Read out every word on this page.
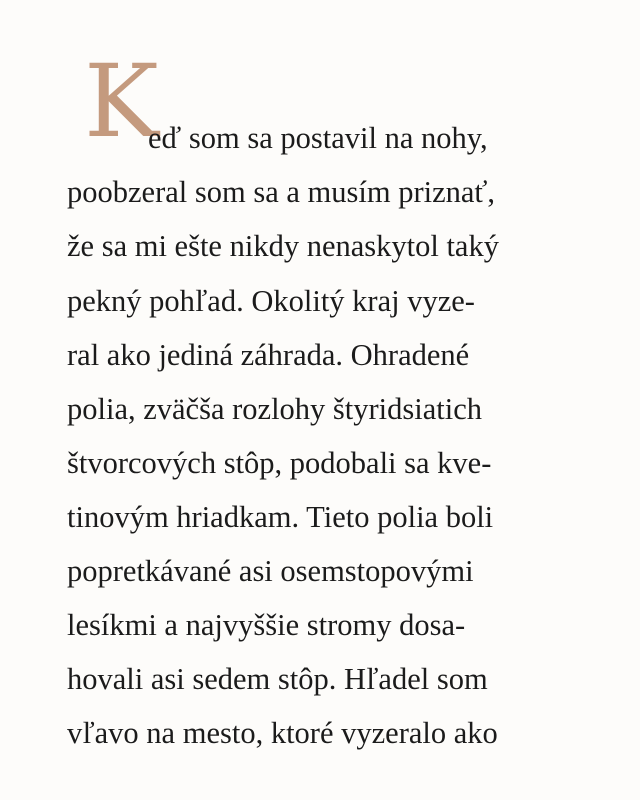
K

eď som sa postavil na nohy,

poobzeral som sa a musím priznať,

že sa mi ešte nikdy nenaskytol taký

pekný pohľad. Okolitý kraj vyze-

ral ako jediná záhrada. Ohradené

polia, zväčša rozlohy štyridsiatich

štvorcových stôp, podobali sa kve-

tinovým hriadkam. Tieto polia boli

popretkávané asi osemstopovými

lesíkmi a najvyššie stromy dosa-

hovali asi sedem stôp. Hľadel som

vľavo na mesto, ktoré vyzeralo ako
